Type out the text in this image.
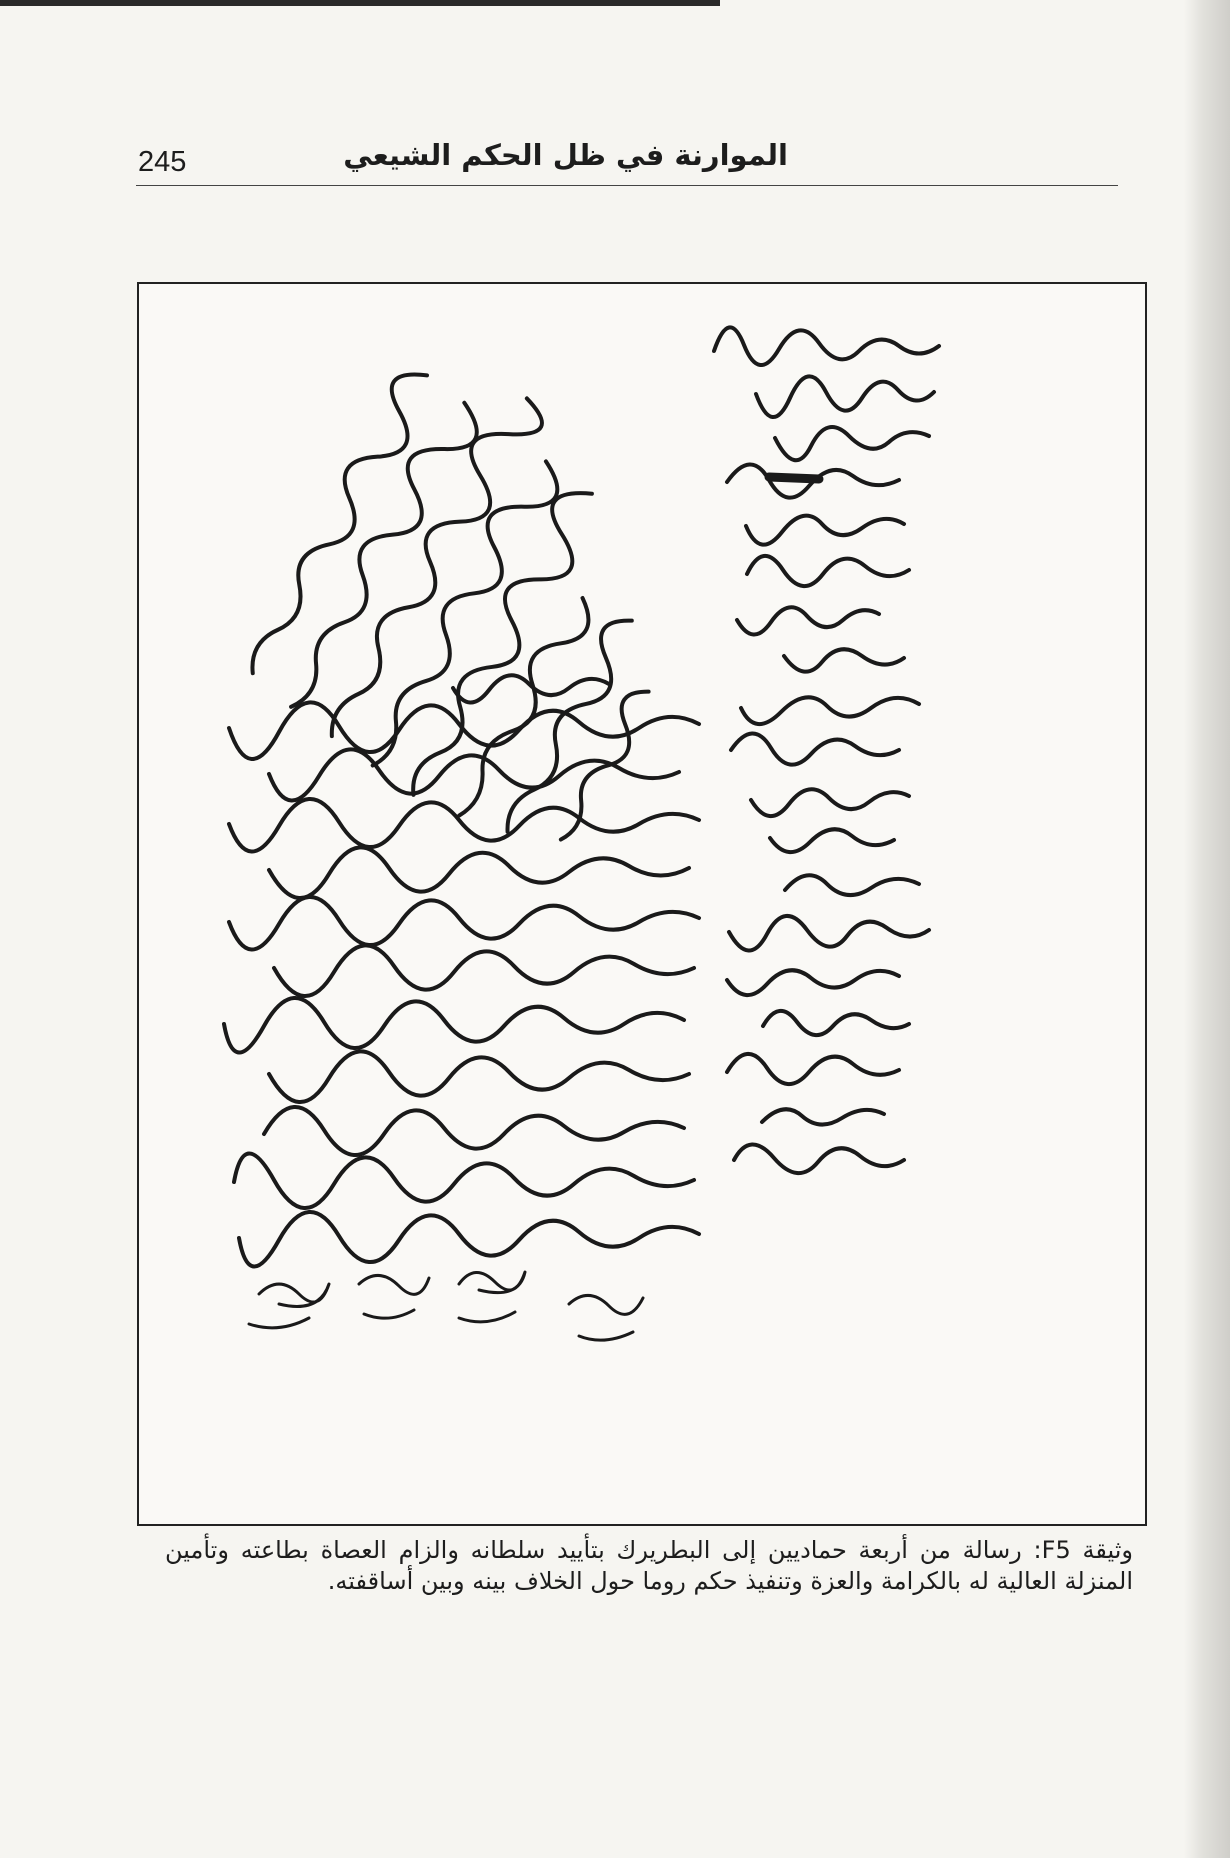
245	الموارنة في ظل الحكم الشيعي
وثيقة F5: رسالة من أربعة حماديين إلى البطريرك بتأييد سلطانه والزام العصاة بطاعته وتأمين المنزلة العالية له بالكرامة والعزة وتنفيذ حكم روما حول الخلاف بينه وبين أساقفته.
